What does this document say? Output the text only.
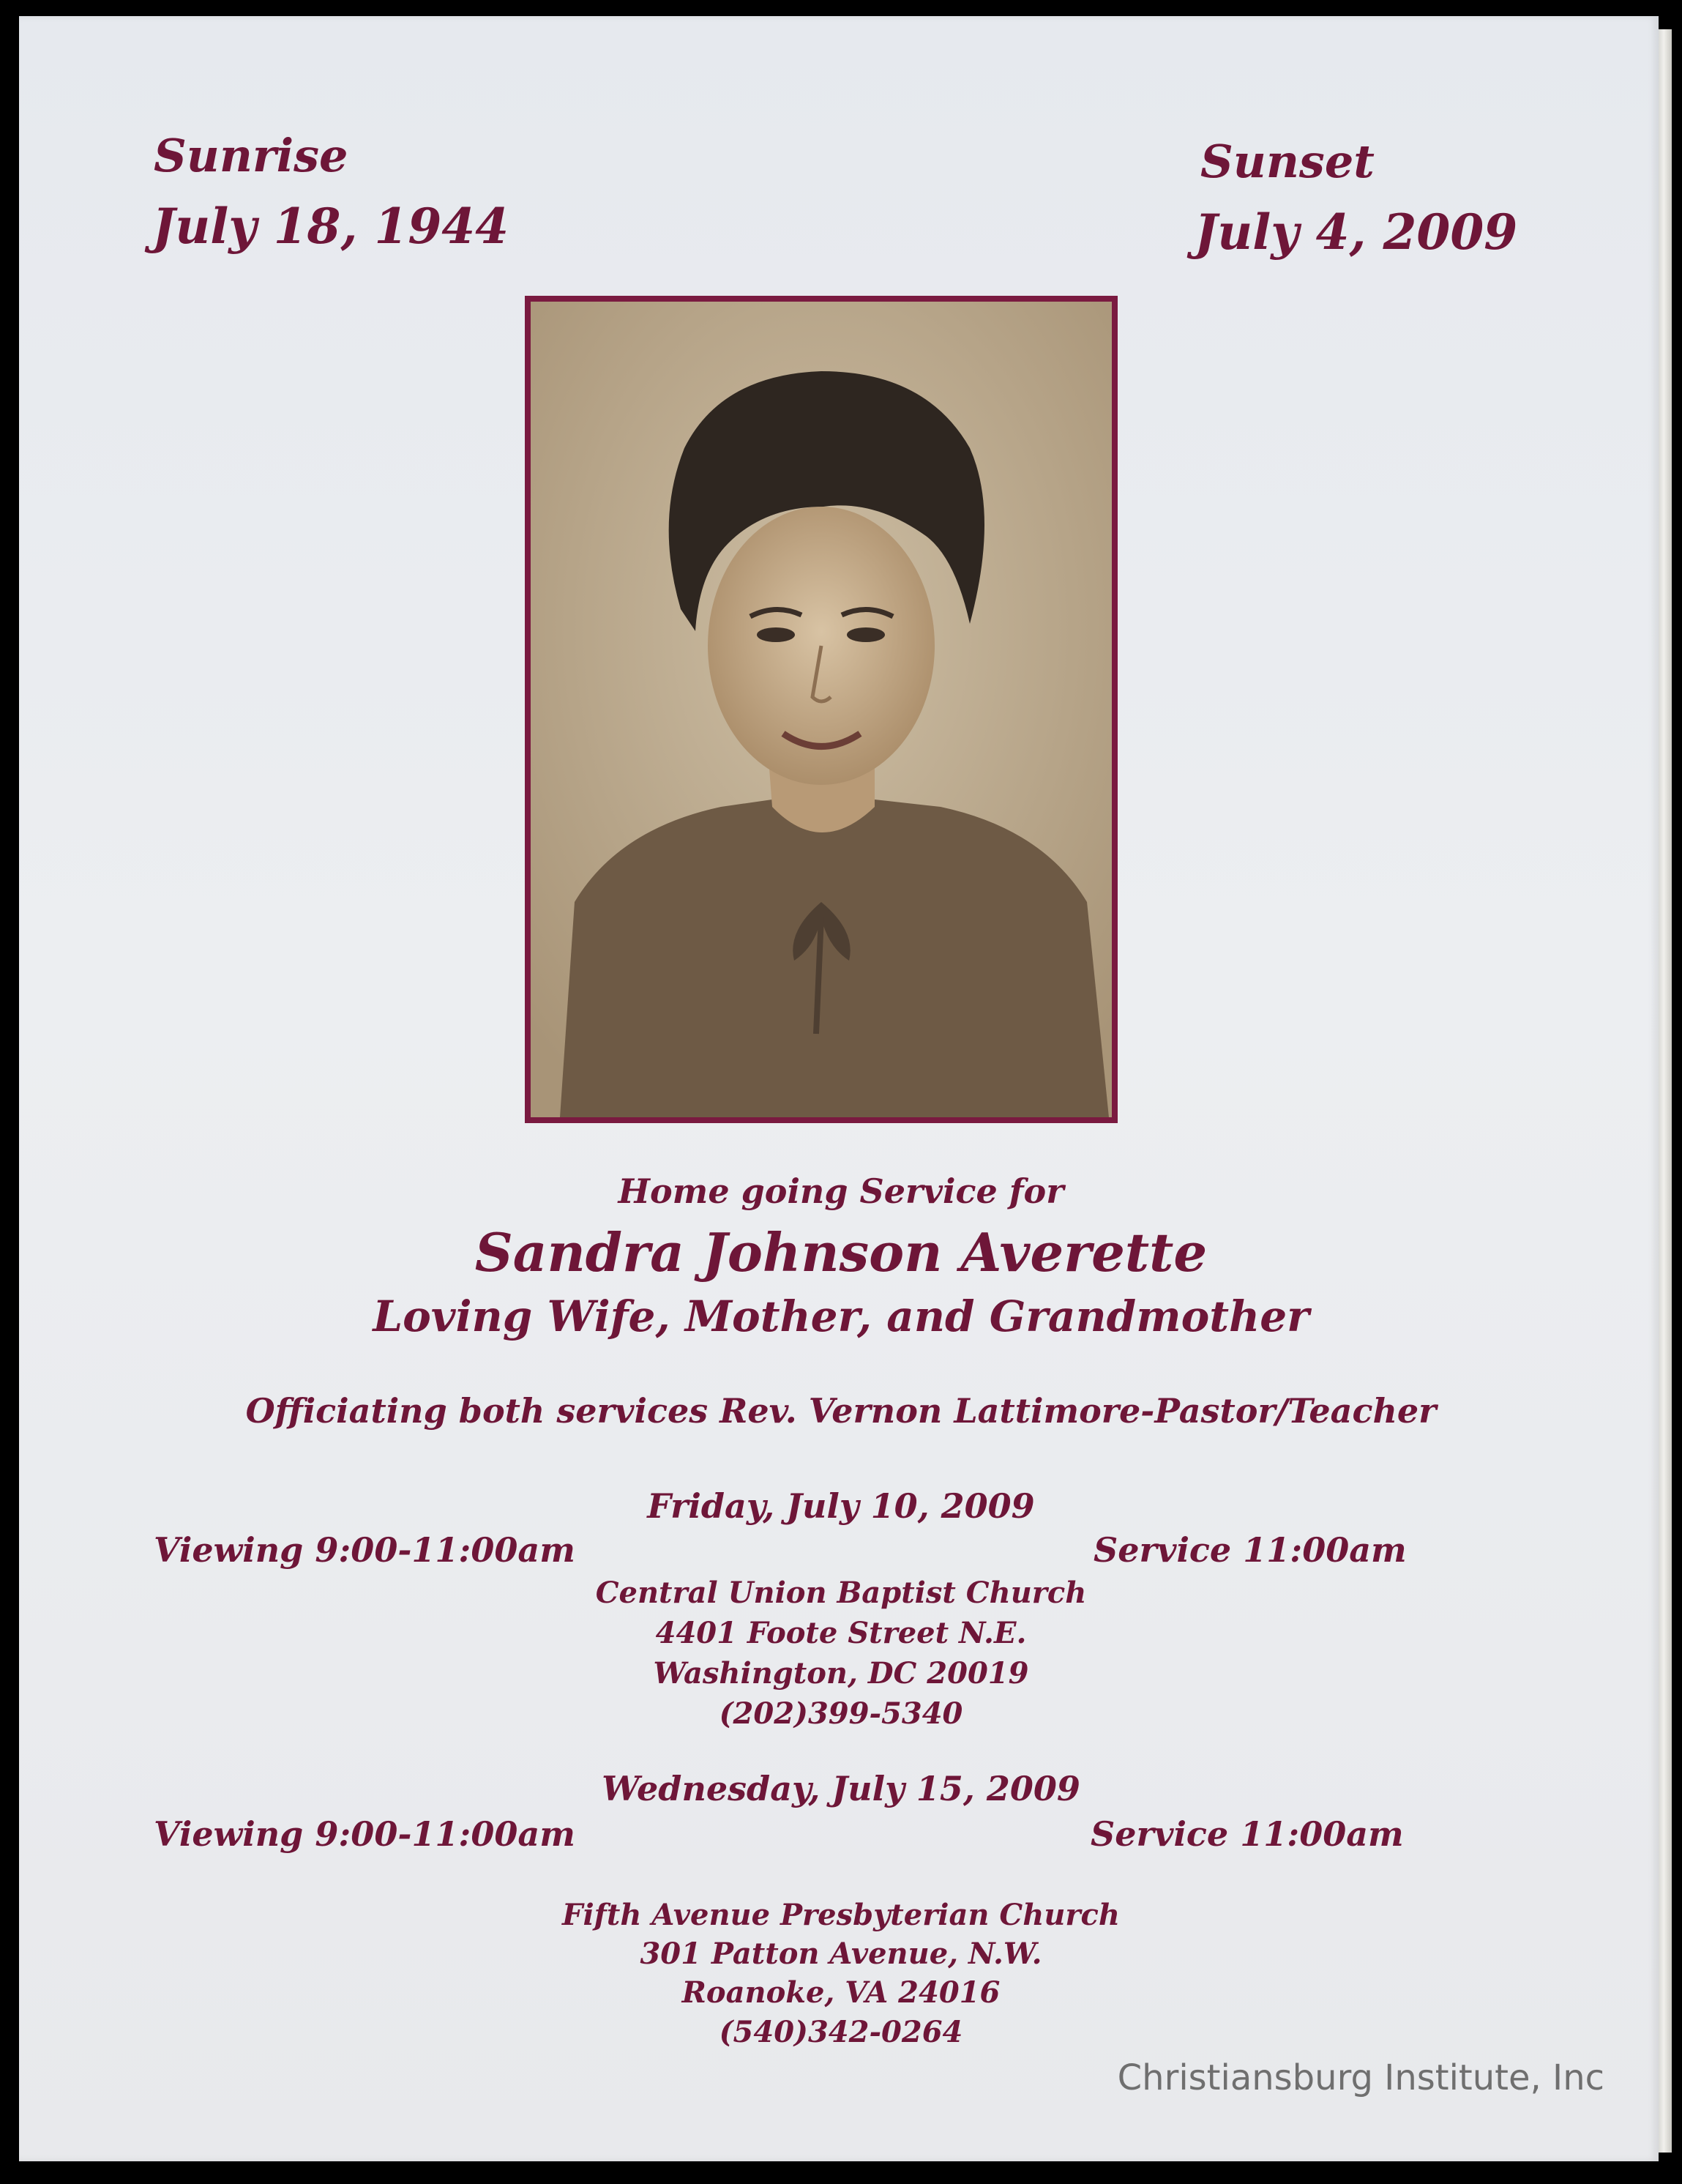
Sunrise
July 18, 1944
Sunset
July 4, 2009
Home going Service for
Sandra Johnson Averette
Loving Wife, Mother, and Grandmother
Officiating both services Rev. Vernon Lattimore-Pastor/Teacher
Friday, July 10, 2009
Viewing 9:00-11:00am	Service 11:00am
Central Union Baptist Church
4401 Foote Street N.E.
Washington, DC 20019
(202)399-5340
Wednesday, July 15, 2009
Viewing 9:00-11:00am	Service 11:00am
Fifth Avenue Presbyterian Church
301 Patton Avenue, N.W.
Roanoke, VA 24016
(540)342-0264
Christiansburg Institute, Inc
